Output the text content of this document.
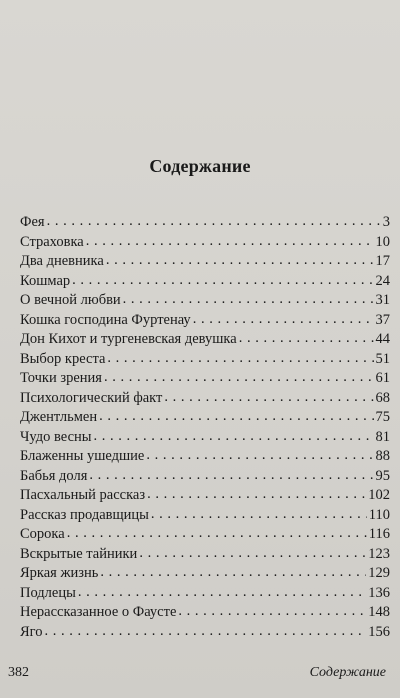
Содержание
Фея . . .	3
Страховка . . .	10
Два дневника . . .	17
Кошмар . . .	24
О вечной любви . . .	31
Кошка господина Фуртенау . . .	37
Дон Кихот и тургеневская девушка . . .	44
Выбор креста . . .	51
Точки зрения . . .	61
Психологический факт . . .	68
Джентльмен . . .	75
Чудо весны . . .	81
Блаженны ушедшие . . .	88
Бабья доля . . .	95
Пасхальный рассказ . . .	102
Рассказ продавщицы . . .	110
Сорока . . .	116
Вскрытые тайники . . .	123
Яркая жизнь . . .	129
Подлецы . . .	136
Нерассказанное о Фаусте . . .	148
Яго . . .	156
382	Содержание
